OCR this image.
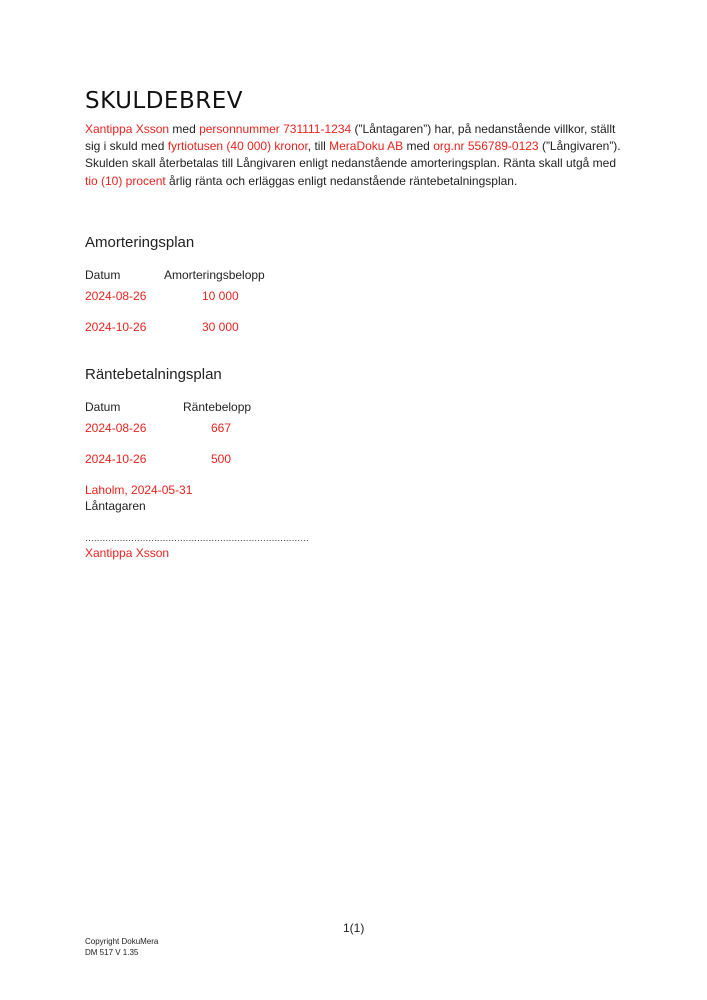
SKULDEBREV
Xantippa Xsson med personnummer 731111-1234 (”Låntagaren”) har, på nedanstående villkor, ställt sig i skuld med fyrtiotusen (40 000) kronor, till MeraDoku AB med org.nr 556789-0123 (”Långivaren”). Skulden skall återbetalas till Långivaren enligt nedanstående amorteringsplan. Ränta skall utgå med tio (10) procent årlig ränta och erläggas enligt nedanstående räntebetalningsplan.
Amorteringsplan
Datum	Amorteringsbelopp
2024-08-26	10 000
2024-10-26	30 000
Räntebetalningsplan
Datum	Räntebelopp
2024-08-26	667
2024-10-26	500
Laholm, 2024-05-31
Låntagaren
……………………………………………………………………
Xantippa Xsson
1(1)
Copyright DokuMera
DM 517 V 1.35
